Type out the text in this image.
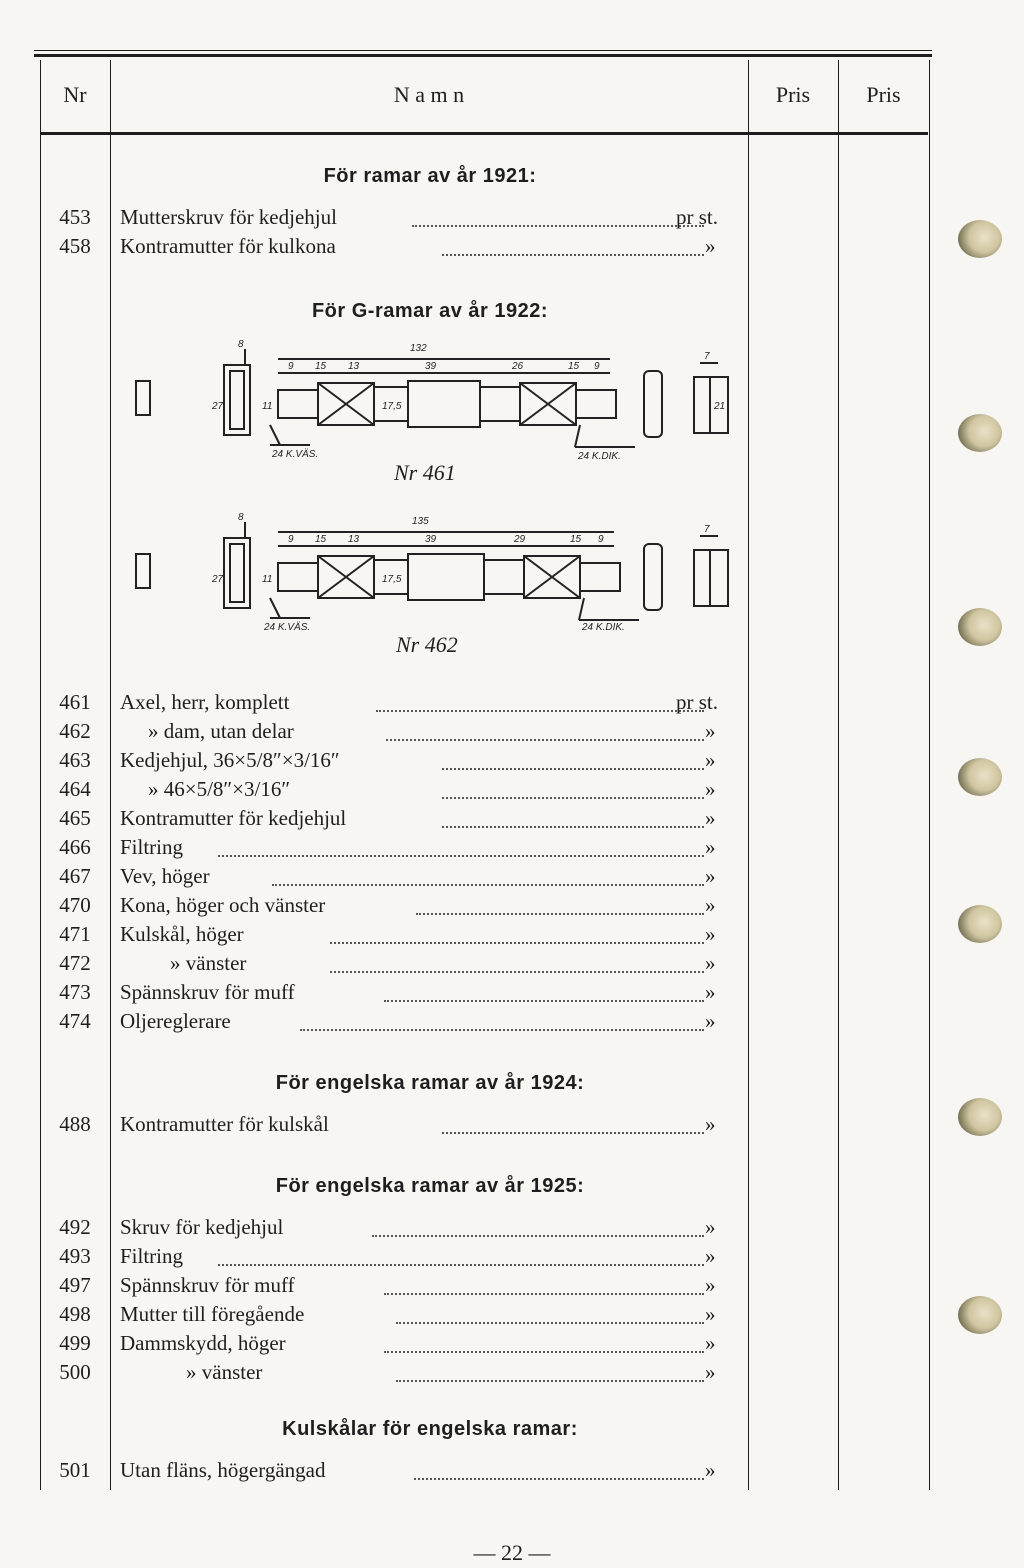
Nr	N a m n	Pris	Pris
För ramar av år 1921:
För G-ramar av år 1922:
För engelska ramar av år 1924:
För engelska ramar av år 1925:
Kulskålar för engelska ramar:
132
9 15 13	39	26	15 9
24 K.VÄS.	24 K.DIK.
27	11	17,5
7
21
8
Nr 461
135
9 15 13	39	29	15 9
24 K.VÄS.	24 K.DIK.
27	11	17,5
7
8
Nr 462
453	Mutterskruv för kedjehjul	pr st.
458	Kontramutter för kulkona	»
461	Axel, herr, komplett	pr st.
462	» dam, utan delar	»
463	Kedjehjul, 36×5/8″×3/16″	»
464	» 46×5/8″×3/16″	»
465	Kontramutter för kedjehjul	»
466	Filtring	»
467	Vev, höger	»
470	Kona, höger och vänster	»
471	Kulskål, höger	»
472	» vänster	»
473	Spännskruv för muff	»
474	Oljereglerare	»
488	Kontramutter för kulskål	»
492	Skruv för kedjehjul	»
493	Filtring	»
497	Spännskruv för muff	»
498	Mutter till föregående	»
499	Dammskydd, höger	»
500	» vänster	»
501	Utan fläns, högergängad	»
— 22 —
